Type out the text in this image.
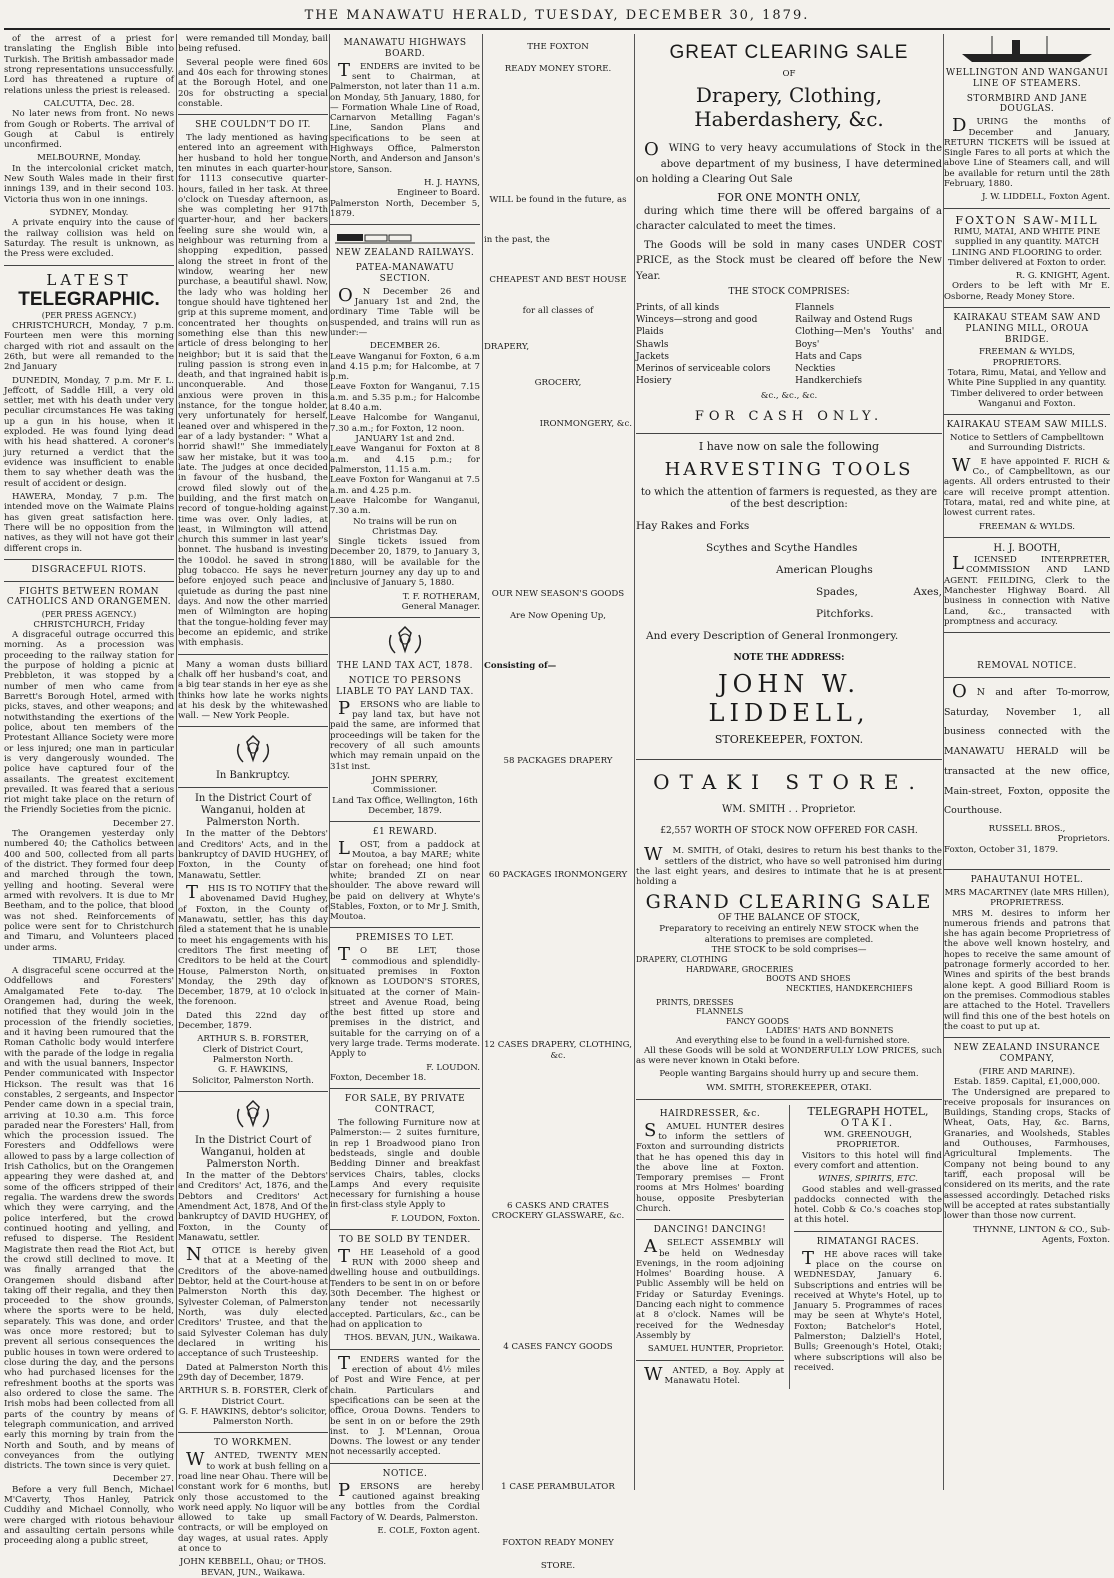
THE MANAWATU HERALD, TUESDAY, DECEMBER 30, 1879.

of the arrest of a priest for translating the English Bible into Turkish. The British ambassador made strong representations unsuccessfully. Lord has threatened a rupture of relations unless the priest is released.

CALCUTTA, Dec. 28.

No later news from front. No news from Gough or Roberts. The arrival of Gough at Cabul is entirely unconfirmed.

MELBOURNE, Monday.

In the intercolonial cricket match, New South Wales made in their first innings 139, and in their second 103. Victoria thus won in one innings.

SYDNEY, Monday.

A private enquiry into the cause of the railway collision was held on Saturday. The result is unknown, as the Press were excluded.

LATEST
TELEGRAPHIC.
(PER PRESS AGENCY.)

CHRISTCHURCH, Monday, 7 p.m. Fourteen men were this morning charged with riot and assault on the 26th, but were all remanded to the 2nd January

DUNEDIN, Monday, 7 p.m. Mr F. L. Jeffcott, of Saddle Hill, a very old settler, met with his death under very peculiar circumstances He was taking up a gun in his house, when it exploded. He was found lying dead with his head shattered. A coroner's jury returned a verdict that the evidence was insufficient to enable them to say whether death was the result of accident or design.

HAWERA, Monday, 7 p.m. The intended move on the Waimate Plains has given great satisfaction here. There will be no opposition from the natives, as they will not have got their different crops in.

DISGRACEFUL RIOTS.
FIGHTS BETWEEN ROMAN CATHOLICS AND ORANGEMEN.
(PER PRESS AGENCY.)
CHRISTCHURCH, Friday

A disgraceful outrage occurred this morning. As a procession was proceeding to the railway station for the purpose of holding a picnic at Prebbleton, it was stopped by a number of men who came from Barrett's Borough Hotel, armed with picks, staves, and other weapons; and notwithstanding the exertions of the police, about ten members of the Protestant Alliance Society were more or less injured; one man in particular is very dangerously wounded. The police have captured four of the assailants. The greatest excitement prevailed. It was feared that a serious riot might take place on the return of the Friendly Societies from the picnic.

December 27.

The Orangemen yesterday only numbered 40; the Catholics between 400 and 500, collected from all parts of the district. They formed four deep and marched through the town, yelling and hooting. Several were armed with revolvers. It is due to Mr Beetham, and to the police, that blood was not shed. Reinforcements of police were sent for to Christchurch and Timaru, and Volunteers placed under arms.

TIMARU, Friday.

A disgraceful scene occurred at the Oddfellows and Foresters' Amalgamated Fete to-day. The Orangemen had, during the week, notified that they would join in the procession of the friendly societies, and it having been rumoured that the Roman Catholic body would interfere with the parade of the lodge in regalia and with the usual banners, Inspector Pender communicated with Inspector Hickson. The result was that 16 constables, 2 sergeants, and Inspector Pender came down in a special train, arriving at 10.30 a.m. This force paraded near the Foresters' Hall, from which the procession issued. The Foresters and Oddfellows were allowed to pass by a large collection of Irish Catholics, but on the Orangemen appearing they were dashed at, and some of the officers stripped of their regalia. The wardens drew the swords which they were carrying, and the police interfered, but the crowd continued hooting and yelling, and refused to disperse. The Resident Magistrate then read the Riot Act, but the crowd still declined to move. It was finally arranged that the Orangemen should disband after taking off their regalia, and they then proceeded to the show grounds, where the sports were to be held, separately. This was done, and order was once more restored; but to prevent all serious consequences the public houses in town were ordered to close during the day, and the persons who had purchased licenses for the refreshment booths at the sports was also ordered to close the same. The Irish mobs had been collected from all parts of the country by means of telegraph communication, and arrived early this morning by train from the North and South, and by means of conveyances from the outlying districts. The town since is very quiet.

December 27.

Before a very full Bench, Michael M'Caverty, Thos Hanley, Patrick Cuddihy and Michael Connolly, who were charged with riotous behaviour and assaulting certain persons while proceeding along a public street,

were remanded till Monday, bail being refused.

Several people were fined 60s and 40s each for throwing stones at the Borough Hotel, and one 20s for obstructing a special constable.

SHE COULDN'T DO IT.

The lady mentioned as having entered into an agreement with her husband to hold her tongue ten minutes in each quarter-hour for 1113 consecutive quarter-hours, failed in her task. At three o'clock on Tuesday afternoon, as she was completing her 917th quarter-hour, and her backers feeling sure she would win, a neighbour was returning from a shopping expedition, passed along the street in front of the window, wearing her new purchase, a beautiful shawl. Now, the lady who was holding her tongue should have tightened her grip at this supreme moment, and concentrated her thoughts on something else than this new article of dress belonging to her neighbor; but it is said that the ruling passion is strong even in death, and that ingrained habit is unconquerable. And those anxious were proven in this instance, for the tongue holder, very unfortunately for herself, leaned over and whispered in the ear of a lady bystander: " What a horrid shawl!" She immediately saw her mistake, but it was too late. The judges at once decided in favour of the husband, the crowd filed slowly out of the building, and the first match on record of tongue-holding against time was over. Only ladies, at least, in Wilmington will attend church this summer in last year's bonnet. The husband is investing the 100dol. he saved in strong plug tobacco. He says he never before enjoyed such peace and quietude as during the past nine days. And now the other married men of Wilmington are hoping that the tongue-holding fever may become an epidemic, and strike with emphasis.

Many a woman dusts billiard chalk off her husband's coat, and a big tear stands in her eye as she thinks how late he works nights at his desk by the whitewashed wall. — New York People.

In Bankruptcy.
In the District Court of Wanganui, holden at Palmerston North.

In the matter of the Debtors' and Creditors' Acts, and in the bankruptcy of DAVID HUGHEY, of Foxton, in the County of Manawatu, Settler.

THIS IS TO NOTIFY that the abovenamed David Hughey, of Foxton, in the County of Manawatu, settler, has this day filed a statement that he is unable to meet his engagements with his creditors The first meeting of Creditors to be held at the Court House, Palmerston North, on Monday, the 29th day of December, 1879, at 10 o'clock in the forenoon.

Dated this 22nd day of December, 1879.

ARTHUR S. B. FORSTER,
Clerk of District Court, Palmerston North.
G. F. HAWKINS,
Solicitor, Palmerston North.
In the District Court of Wanganui, holden at Palmerston North.

In the matter of the Debtors' and Creditors' Act, 1876, and the Debtors and Creditors' Act Amendment Act, 1878, And Of the bankruptcy of DAVID HUGHEY, of Foxton, in the County of Manawatu, settler.

NOTICE is hereby given that at a Meeting of the Creditors of the above-named Debtor, held at the Court-house at Palmerston North this day, Sylvester Coleman, of Palmerston North, was duly elected Creditors' Trustee, and that the said Sylvester Coleman has duly declared in writing his acceptance of such Trusteeship.

Dated at Palmerston North this 29th day of December, 1879.

ARTHUR S. B. FORSTER, Clerk of District Court.
G. F. HAWKINS, debtor's solicitor, Palmerston North.
TO WORKMEN.

WANTED, TWENTY MEN to work at bush felling on a road line near Ohau. There will be constant work for 6 months, but only those accustomed to the work need apply. No liquor will be allowed to take up small contracts, or will be employed on day wages, at usual rates. Apply at once to

JOHN KEBBELL, Ohau; or THOS. BEVAN, JUN., Waikawa.
MANAWATU HIGHWAYS BOARD.

TENDERS are invited to be sent to Chairman, at Palmerston, not later than 11 a.m. on Monday, 5th January, 1880, for— Formation Whale Line of Road, Carnarvon Metalling Fagan's Line, Sandon Plans and specifications to be seen at Highways Office, Palmerston North, and Anderson and Janson's store, Sanson.

H. J. HAYNS,
Engineer to Board.
Palmerston North, December 5, 1879.
NEW ZEALAND RAILWAYS.
PATEA-MANAWATU SECTION.

ON December 26 and January 1st and 2nd, the ordinary Time Table will be suspended, and trains will run as under:—

DECEMBER 26.
Leave Wanganui for Foxton, 6 a.m and 4.15 p.m; for Halcombe, at 7 p.m.
Leave Foxton for Wanganui, 7.15 a.m. and 5.35 p.m.; for Halcombe at 8.40 a.m.
Leave Halcombe for Wanganui, 7.30 a.m.; for Foxton, 12 noon.
JANUARY 1st and 2nd.
Leave Wanganui for Foxton at 8 a.m. and 4.15 p.m.; for Palmerston, 11.15 a.m.
Leave Foxton for Wanganui at 7.5 a.m. and 4.25 p.m.
Leave Halcombe for Wanganui, 7.30 a.m.
No trains will be run on Christmas Day.

Single tickets issued from December 20, 1879, to January 3, 1880, will be available for the return journey any day up to and inclusive of January 5, 1880.

T. F. ROTHERAM,
General Manager.
THE LAND TAX ACT, 1878.
NOTICE TO PERSONS LIABLE TO PAY LAND TAX.

PERSONS who are liable to pay land tax, but have not paid the same, are informed that proceedings will be taken for the recovery of all such amounts which may remain unpaid on the 31st inst.

JOHN SPERRY,
Commissioner.
Land Tax Office, Wellington, 16th December, 1879.
£1 REWARD.

LOST, from a paddock at Moutoa, a bay MARE; white star on forehead; one hind foot white; branded ZI on near shoulder. The above reward will be paid on delivery at Whyte's Stables, Foxton, or to Mr J. Smith, Moutoa.

PREMISES TO LET.

TO BE LET, those commodious and splendidly-situated premises in Foxton known as LOUDON'S STORES, situated at the corner of Main-street and Avenue Road, being the best fitted up store and premises in the district, and suitable for the carrying on of a very large trade. Terms moderate. Apply to

F. LOUDON.
Foxton, December 18.
FOR SALE, BY PRIVATE CONTRACT,

The following Furniture now at Palmerston:— 2 suites furniture, in rep 1 Broadwood piano Iron bedsteads, single and double Bedding Dinner and breakfast services Chairs, tables, clocks Lamps And every requisite necessary for furnishing a house in first-class style Apply to

F. LOUDON, Foxton.
TO BE SOLD BY TENDER.

THE Leasehold of a good RUN with 2000 sheep and dwelling house and outbuildings. Tenders to be sent in on or before 30th December. The highest or any tender not necessarily accepted. Particulars, &c., can be had on application to

THOS. BEVAN, JUN., Waikawa.

TENDERS wanted for the erection of about 4½ miles of Post and Wire Fence, at per chain. Particulars and specifications can be seen at the office, Oroua Downs. Tenders to be sent in on or before the 29th inst. to J. M'Lennan, Oroua Downs. The lowest or any tender not necessarily accepted.

NOTICE.

PERSONS are hereby cautioned against breaking any bottles from the Cordial Factory of W. Deards, Palmerston.

E. COLE, Foxton agent.
THE FOXTON
READY MONEY STORE.
WILL be found in the future, as
in the past, the
CHEAPEST AND BEST HOUSE
for all classes of
DRAPERY,
GROCERY,
IRONMONGERY, &c.
OUR NEW SEASON'S GOODS
Are Now Opening Up,
Consisting of—
58 PACKAGES DRAPERY
60 PACKAGES IRONMONGERY
12 CASES DRAPERY, CLOTHING, &c.
6 CASKS AND CRATES CROCKERY GLASSWARE, &c.
4 CASES FANCY GOODS
1 CASE PERAMBULATOR
FOXTON READY MONEY
STORE.
GREAT CLEARING SALE
OF
Drapery, Clothing, Haberdashery, &c.

OWING to very heavy accumulations of Stock in the above department of my business, I have determined on holding a Clearing Out Sale

FOR ONE MONTH ONLY,

during which time there will be offered bargains of a character calculated to meet the times.

The Goods will be sold in many cases UNDER COST PRICE, as the Stock must be cleared off before the New Year.

THE STOCK COMPRISES:
Prints, of all kinds
Winceys—strong and good
Plaids
Shawls
Jackets
Merinos of serviceable colors
Hosiery
Flannels
Railway and Ostend Rugs
Clothing—Men's Youths' and Boys'
Hats and Caps
Neckties
Handkerchiefs
&c., &c., &c.
FOR CASH ONLY.
I have now on sale the following
HARVESTING TOOLS
to which the attention of farmers is requested, as they are of the best description:
Hay Rakes and Forks
Scythes and Scythe Handles
American Ploughs
Spades, Axes, Pitchforks.
And every Description of General Ironmongery.
NOTE THE ADDRESS:
JOHN W. LIDDELL,
STOREKEEPER, FOXTON.
OTAKI STORE.
WM. SMITH . . Proprietor.
£2,557 WORTH OF STOCK NOW OFFERED FOR CASH.

WM. SMITH, of Otaki, desires to return his best thanks to the settlers of the district, who have so well patronised him during the last eight years, and desires to intimate that he is at present holding a

GRAND CLEARING SALE
OF THE BALANCE OF STOCK,
Preparatory to receiving an entirely NEW STOCK when the alterations to premises are completed.
THE STOCK to be sold comprises—
DRAPERY, CLOTHING
HARDWARE, GROCERIES
BOOTS AND SHOES
NECKTIES, HANDKERCHIEFS
PRINTS, DRESSES
FLANNELS
FANCY GOODS
LADIES' HATS AND BONNETS
And everything else to be found in a well-furnished store.

All these Goods will be sold at WONDERFULLY LOW PRICES, such as were never known in Otaki before.

People wanting Bargains should hurry up and secure them.
WM. SMITH, STOREKEEPER, OTAKI.
HAIRDRESSER, &c.

SAMUEL HUNTER desires to inform the settlers of Foxton and surrounding districts that he has opened this day in the above line at Foxton. Temporary premises — Front rooms at Mrs Holmes' boarding house, opposite Presbyterian Church.

DANCING! DANCING!

ASELECT ASSEMBLY will be held on Wednesday Evenings, in the room adjoining Holmes' Boarding house. A Public Assembly will be held on Friday or Saturday Evenings. Dancing each night to commence at 8 o'clock. Names will be received for the Wednesday Assembly by

SAMUEL HUNTER, Proprietor.

WANTED, a Boy. Apply at Manawatu Hotel.

TELEGRAPH HOTEL,
OTAKI.
WM. GREENOUGH, PROPRIETOR.

Visitors to this hotel will find every comfort and attention.

WINES, SPIRITS, ETC.

Good stables and well-grassed paddocks connected with the hotel. Cobb & Co.'s coaches stop at this hotel.

RIMATANGI RACES.

THE above races will take place on the course on WEDNESDAY, January 6. Subscriptions and entries will be received at Whyte's Hotel, up to January 5. Programmes of races may be seen at Whyte's Hotel, Foxton; Batchelor's Hotel, Palmerston; Dalziell's Hotel, Bulls; Greenough's Hotel, Otaki; where subscriptions will also be received.

WELLINGTON AND WANGANUI LINE OF STEAMERS.
STORMBIRD AND JANE DOUGLAS.

DURING the months of December and January, RETURN TICKETS will be issued at Single Fares to all ports at which the above Line of Steamers call, and will be available for return until the 28th February, 1880.

J. W. LIDDELL, Foxton Agent.
FOXTON SAW-MILL

RIMU, MATAI, AND WHITE PINE supplied in any quantity. MATCH LINING AND FLOORING to order. Timber delivered at Foxton to order.

R. G. KNIGHT, Agent.

Orders to be left with Mr E. Osborne, Ready Money Store.

KAIRAKAU STEAM SAW AND PLANING MILL, OROUA BRIDGE.
FREEMAN & WYLDS, PROPRIETORS.

Totara, Rimu, Matai, and Yellow and White Pine Supplied in any quantity. Timber delivered to order between Wanganui and Foxton.

KAIRAKAU STEAM SAW MILLS.

Notice to Settlers of Campbelltown and Surrounding Districts.

WE have appointed F. RICH & Co., of Campbelltown, as our agents. All orders entrusted to their care will receive prompt attention. Totara, matai, red and white pine, at lowest current rates.

FREEMAN & WYLDS.
H. J. BOOTH,

LICENSED INTERPRETER, COMMISSION AND LAND AGENT. FEILDING, Clerk to the Manchester Highway Board. All business in connection with Native Land, &c., transacted with promptness and accuracy.

REMOVAL NOTICE.

ON and after To-morrow, Saturday, November 1, all business connected with the MANAWATU HERALD will be transacted at the new office, Main-street, Foxton, opposite the Courthouse.

RUSSELL BROS.,
Proprietors.
Foxton, October 31, 1879.
PAHAUTANUI HOTEL.
MRS MACARTNEY (late MRS Hillen), PROPRIETRESS.

MRS M. desires to inform her numerous friends and patrons that she has again become Proprietress of the above well known hostelry, and hopes to receive the same amount of patronage formerly accorded to her. Wines and spirits of the best brands alone kept. A good Billiard Room is on the premises. Commodious stables are attached to the Hotel. Travellers will find this one of the best hotels on the coast to put up at.

NEW ZEALAND INSURANCE COMPANY,
(FIRE AND MARINE).
Estab. 1859. Capital, £1,000,000.

The Undersigned are prepared to receive proposals for insurances on Buildings, Standing crops, Stacks of Wheat, Oats, Hay, &c. Barns, Granaries, and Woolsheds, Stables and Outhouses, Farmhouses, Agricultural Implements. The Company not being bound to any tariff, each proposal will be considered on its merits, and the rate assessed accordingly. Detached risks will be accepted at rates substantially lower than those now current.

THYNNE, LINTON & CO., Sub-Agents, Foxton.
